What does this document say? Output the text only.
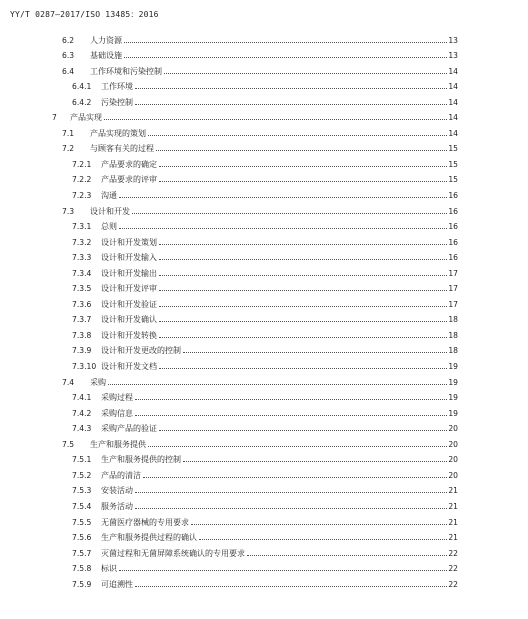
YY/T 0287—2017/ISO 13485：2016
6.2	人力资源	13
6.3	基础设施	13
6.4	工作环境和污染控制	14
6.4.1	工作环境	14
6.4.2	污染控制	14
7	产品实现	14
7.1	产品实现的策划	14
7.2	与顾客有关的过程	15
7.2.1	产品要求的确定	15
7.2.2	产品要求的评审	15
7.2.3	沟通	16
7.3	设计和开发	16
7.3.1	总则	16
7.3.2	设计和开发策划	16
7.3.3	设计和开发输入	16
7.3.4	设计和开发输出	17
7.3.5	设计和开发评审	17
7.3.6	设计和开发验证	17
7.3.7	设计和开发确认	18
7.3.8	设计和开发转换	18
7.3.9	设计和开发更改的控制	18
7.3.10 设计和开发文档	19
7.4	采购	19
7.4.1	采购过程	19
7.4.2	采购信息	19
7.4.3	采购产品的验证	20
7.5	生产和服务提供	20
7.5.1	生产和服务提供的控制	20
7.5.2	产品的清洁	20
7.5.3	安装活动	21
7.5.4	服务活动	21
7.5.5	无菌医疗器械的专用要求	21
7.5.6	生产和服务提供过程的确认	21
7.5.7	灭菌过程和无菌屏障系统确认的专用要求	22
7.5.8	标识	22
7.5.9	可追溯性	22
